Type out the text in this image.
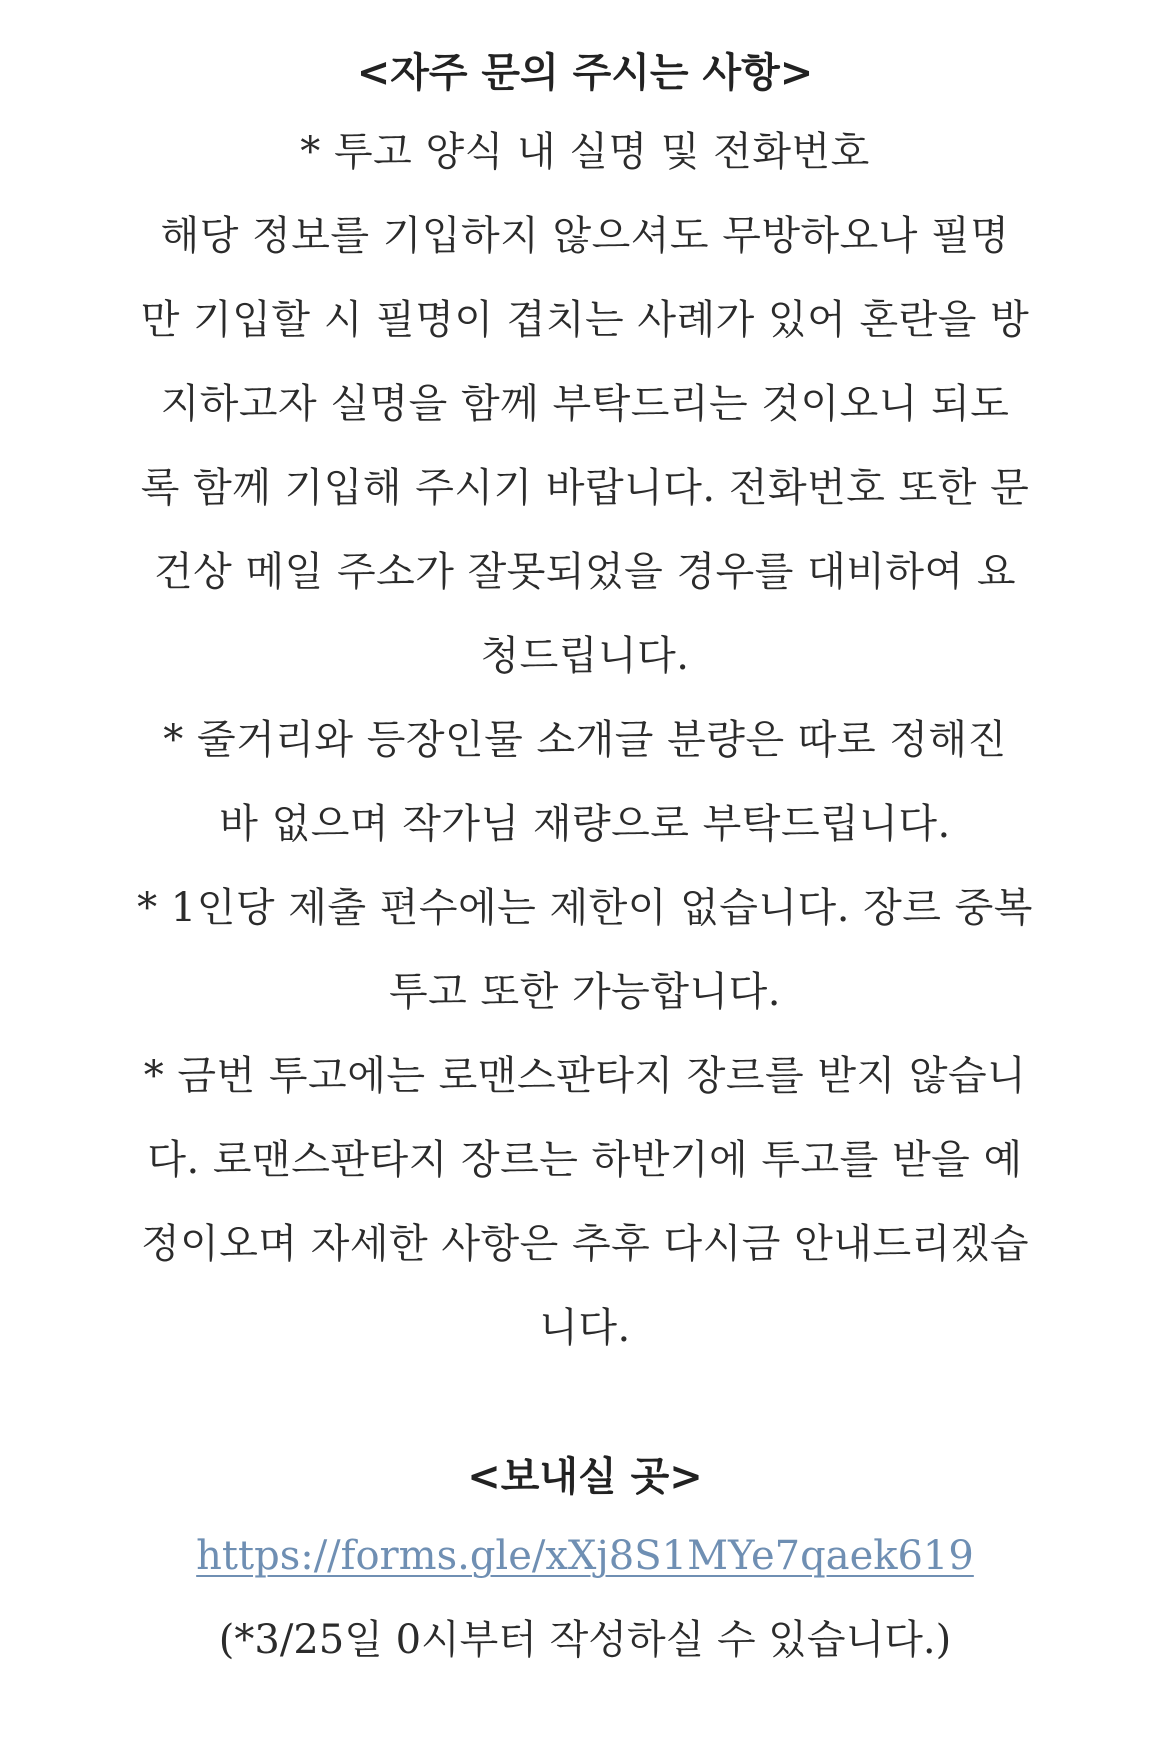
<자주 문의 주시는 사항>

* 투고 양식 내 실명 및 전화번호

해당 정보를 기입하지 않으셔도 무방하오나 필명

만 기입할 시 필명이 겹치는 사례가 있어 혼란을 방

지하고자 실명을 함께 부탁드리는 것이오니 되도

록 함께 기입해 주시기 바랍니다. 전화번호 또한 문

건상 메일 주소가 잘못되었을 경우를 대비하여 요

청드립니다.

* 줄거리와 등장인물 소개글 분량은 따로 정해진

바 없으며 작가님 재량으로 부탁드립니다.

* 1인당 제출 편수에는 제한이 없습니다. 장르 중복

투고 또한 가능합니다.

* 금번 투고에는 로맨스판타지 장르를 받지 않습니

다. 로맨스판타지 장르는 하반기에 투고를 받을 예

정이오며 자세한 사항은 추후 다시금 안내드리겠습

니다.

<보내실 곳>
https://forms.gle/xXj8S1MYe7qaek619

(*3/25일 0시부터 작성하실 수 있습니다.)
